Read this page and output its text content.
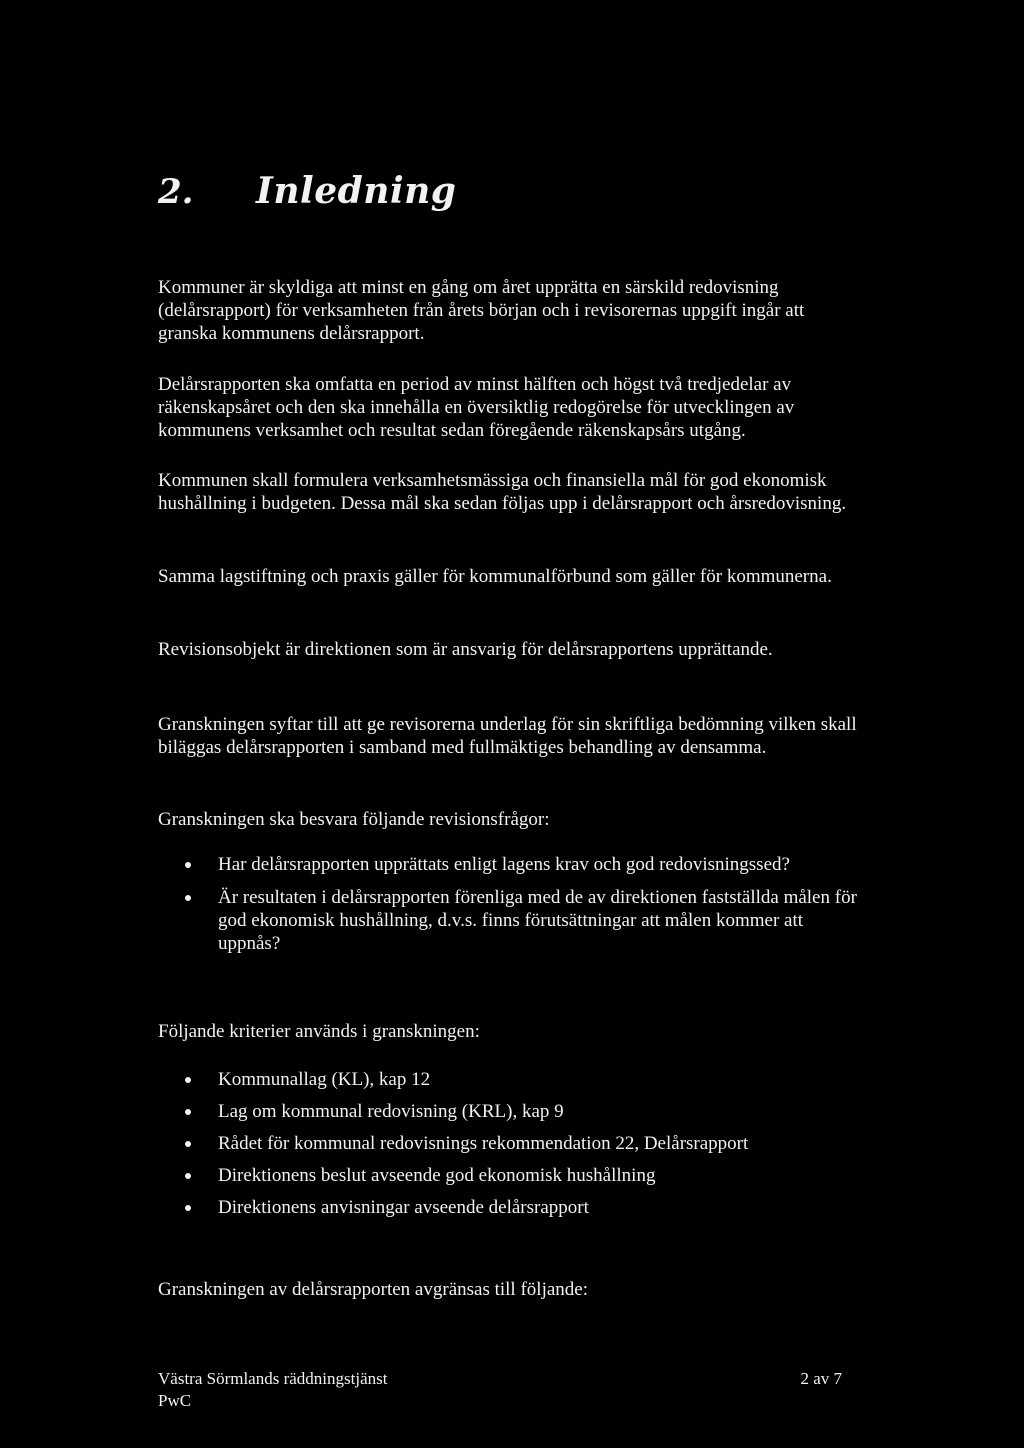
2.	Inledning

Kommuner är skyldiga att minst en gång om året upprätta en särskild redovisning (delårsrapport) för verksamheten från årets början och i revisorernas uppgift ingår att granska kommunens delårsrapport.

Delårsrapporten ska omfatta en period av minst hälften och högst två tredjedelar av räkenskapsåret och den ska innehålla en översiktlig redogörelse för utvecklingen av kommunens verksamhet och resultat sedan föregående räkenskapsårs utgång.

Kommunen skall formulera verksamhetsmässiga och finansiella mål för god ekonomisk hushållning i budgeten. Dessa mål ska sedan följas upp i delårsrapport och årsredovisning.

Samma lagstiftning och praxis gäller för kommunalförbund som gäller för kommunerna.

Revisionsobjekt är direktionen som är ansvarig för delårsrapportens upprättande.

Granskningen syftar till att ge revisorerna underlag för sin skriftliga bedömning vilken skall biläggas delårsrapporten i samband med fullmäktiges behandling av densamma.

Granskningen ska besvara följande revisionsfrågor:

Har delårsrapporten upprättats enligt lagens krav och god redovisningssed?
Är resultaten i delårsrapporten förenliga med de av direktionen fastställda målen för god ekonomisk hushållning, d.v.s. finns förutsättningar att målen kommer att uppnås?

Följande kriterier används i granskningen:

Kommunallag (KL), kap 12
Lag om kommunal redovisning (KRL), kap 9
Rådet för kommunal redovisnings rekommendation 22, Delårsrapport
Direktionens beslut avseende god ekonomisk hushållning
Direktionens anvisningar avseende delårsrapport

Granskningen av delårsrapporten avgränsas till följande:

Västra Sörmlands räddningstjänst
PwC
2 av 7
